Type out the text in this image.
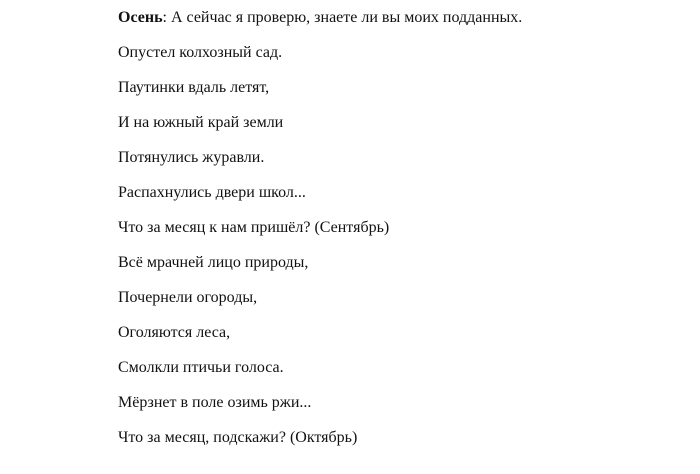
Осень: А сейчас я проверю, знаете ли вы моих подданных.

Опустел колхозный сад.

Паутинки вдаль летят,

И на южный край земли

Потянулись журавли.

Распахнулись двери школ...

Что за месяц к нам пришёл? (Сентябрь)

Всё мрачней лицо природы,

Почернели огороды,

Оголяются леса,

Смолкли птичьи голоса.

Мёрзнет в поле озимь ржи...

Что за месяц, подскажи? (Октябрь)
